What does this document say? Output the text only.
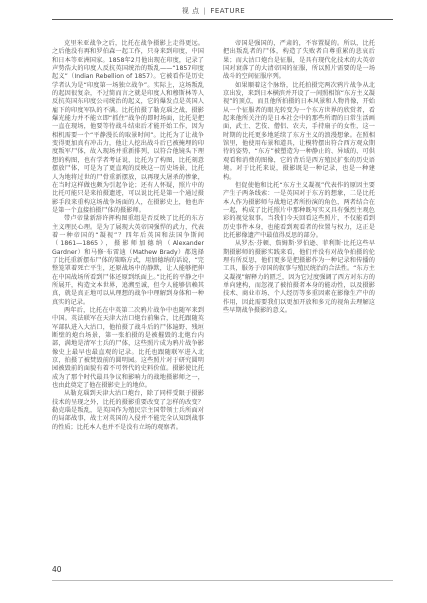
视 点 | FEATURE

克里米亚战争之后，比托在战争摄影上走得更远。之后他没有再和罗伯森一起工作，只身来到印度，中国和日本等亚洲国家。1858年2月他出现在印度，记录了声势浩大的印度人反抗英国统治的叛乱——“1857印度起义”（Indian Rebellion of 1857）。它被看作是历史学者认为是“印度第一场独立战争”。实际上，这场叛乱的起因很复杂，不过简而言之就是印度人和穆斯林等人反抗英国东印度公司统治的起义，它的爆发点是英国人雇下的印度军队的不满。比托拍摄了勒克瑙之战，摄影爆光能力并不能立即“抓住”战争的即时场面，比托是把一直在现场，他要等待战斗结束后才能开始工作，因为相机需要一个“平静漫长的取景时间”。比托为了让战争变得更加真有冲击力，他让人挖出战斗后已被掩埋的印度叛军尸体，故入现场并重新排列，以符合他镜头下理想的构图，也有学者考证说，比托为了构图，比托刻意摆放尸体，可是为了更直观的反映这一历史场景，比托人为地将过世的尸骨重新摆放，以再现大屠杀的惨象，在当时这样做也颇为引起争论；还有人怀疑，照片中的比托可能只是来拍摄遗迹，可以说比托是第一个通过摄影手段来重构这场战争场面的人，在摄影史上，他也许是第一个直接拍摄尸体的摄影师。

带卢帝量新辞许挥构图重组是否反映了比托的东方主义理民心理。是为了展现大英帝国强悍的武力，代表着一种帝国的“凝视”？四年后英国和法国争斯间（1861—1865），摄影师加德纳（Alexander Gardner）和马修·布雷迪（Mathew Brady）都选择了比托重新摆布尸体的策略方式，用加德纳的话说，“完整笼罩着死亡平生，还原战场中的静默，让人能够把伸在中国战场所看到尸体还原到纸面上。”比托的平静之中所展开，构造文本世界，追溯至诚，但令人能够信赖其真，就是真正地可以从理想的战争中理解到身体和一种真实的记录。

两年后，比托在中英第二次鸦片战争中也随军来到中国。英法联军在天津大沽口炮台前集合，比托跟随英军部队进入大沽口，他拍摄了战斗后的尸体遍野、残垣断壁的炮台场景，第一张拍摄的是被摧毁的北炮台内部，满地是清军士兵的尸体，这些照片成为鸦片战争影像史上最早也最直观的记录。比托也跟随联军进入北京，拍摄了被焚毁前的圆明园。这些照片对于研究圆明园被毁前的面貌有着不可替代的史料价值。摄影使比托成为了那个时代最具争议和影响力的战地摄影师之一，也由此奠定了他在摄影史上的地位。

从勒克瑙到天津大沽口炮台，除了同样受限于摄影技术的呈现之外，比托的摄影重要改变了怎样的改变？勒克瑙是叛乱，是英国作为殖民宗主国带领士兵所面对的局部战事，战士对英国的入侵并不能完全认知到战事的性质；比托本人也并不是没有立场的观察者。

帝国是强国的，严肃的，不容置疑的。所以，比托把出叛乱者的尸体，构造了失败者自尊重累的悲哀后果；而大沽口炮台是征服，是具有现代化技术的大英帝国对衰落了的大清帝国的征服，所以照片需要的是一场战斗的空间征服序列。

如果顺着这个脉络，比托拍摄完两次鸦片战争从北京出发，来到日本横滨并开设了一间照相馆“东方主义凝视”的顶点，而且他所拍摄的日本风景和人物肖像，开始从一个征服者的眼光转变为一个东方世界的欣赏者，看起来他所关注的是日本社会中的那些所谓的日常生活画面，武士、艺伎、僧侣、农夫，手持扇子的女性，这一时期的比托更多地延续了东方主义的浪漫想象。在照相馆里，他使用布景和道具，让模特摆出符合西方观众期待的姿势，“东方”被塑造为一种静止的、异域的、可供观看和消费的图像，它的背后是西方殖民扩张的历史语境。对于比托来说，摄影既是一种记录，也是一种建构。

但促使他和比托“东方主义凝视”代表作的原因主要产生子两条线索：一是英国对于东方的想象，二是比托本人作为摄影师与战地记者所扮演的角色，两者结合在一起，构成了比托照片中那种既写实又具有强烈主观色彩的视觉叙事。当我们今天回看这些照片，不仅能看到历史事件本身，也能看到观看者的位置与权力，这正是比托影像遗产中最值得反思的部分。

从罗杰·芬顿、詹姆斯·罗伯逊、菲利斯·比托这些早期摄影师的摄影实践来看，他们并没有对战争拍摄的伦理有所反思，他们更多是把摄影作为一种记录和传播的工具，服务于帝国的叙事与殖民统治的合法性。“东方主义凝视”解释力的匮乏，因为它过度强调了西方对东方的单向建构，而忽视了被拍摄者本身的能动性，以及摄影技术、商业市场、个人经历等多重因素在影像生产中的作用，因此需要我们以更加开放和多元的视角去理解这些早期战争摄影的意义。

40
